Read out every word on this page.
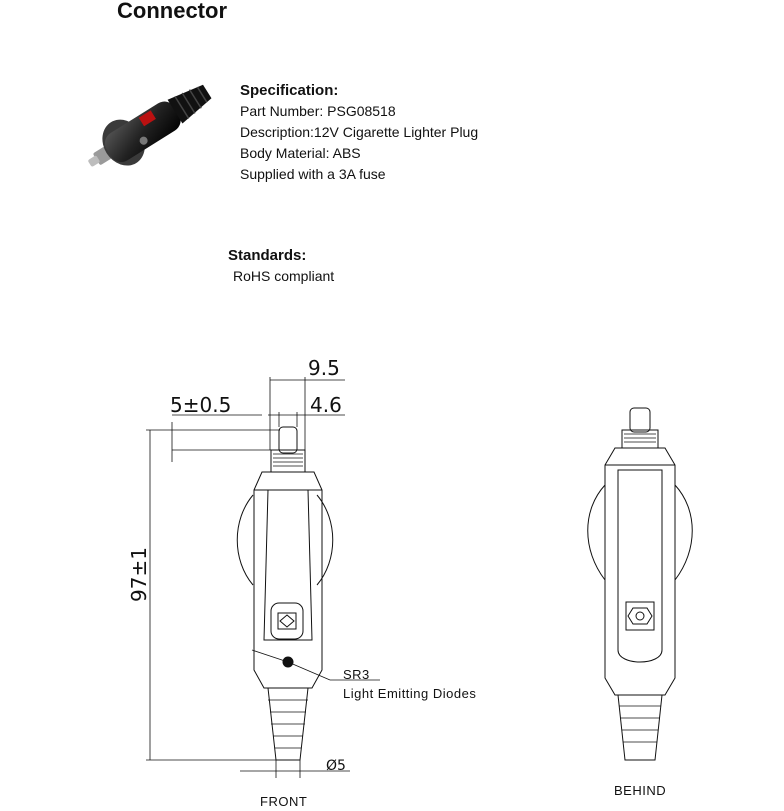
Connector
Specification:
Part Number: PSG08518
Description:12V Cigarette Lighter Plug
Body Material: ABS
Supplied with a 3A fuse
Standards:
RoHS compliant
9.5
4.6
5±0.5
97±1
Ø5
SR3
Light Emitting Diodes
FRONT
BEHIND
